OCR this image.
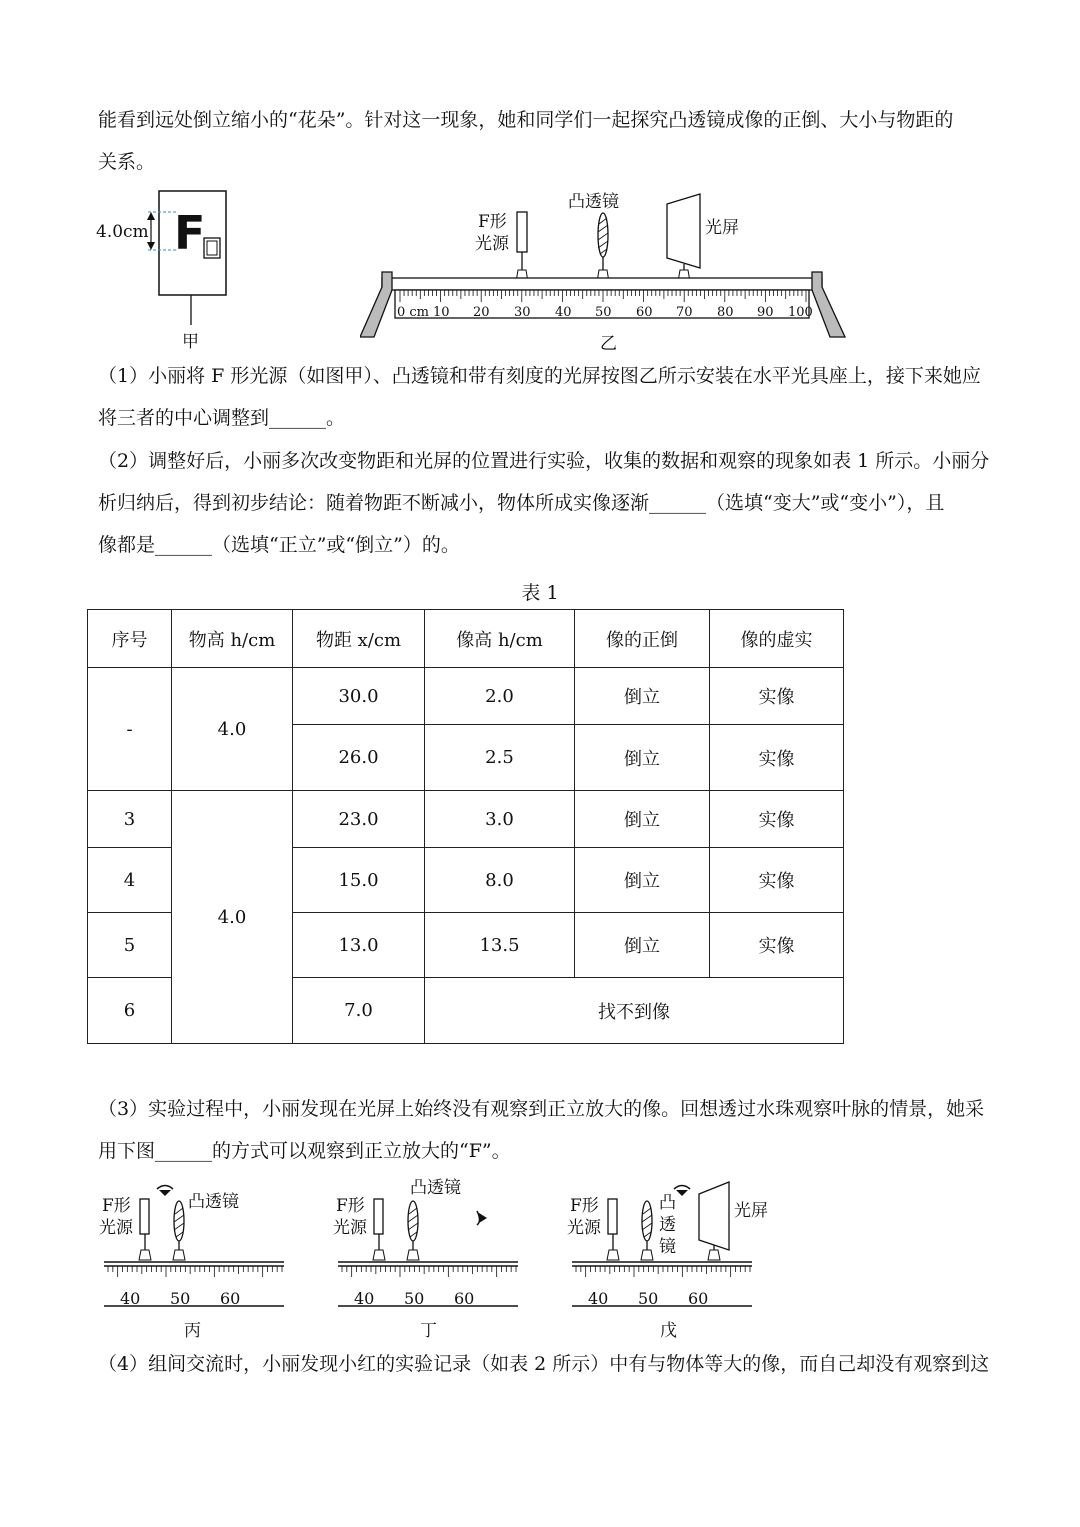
能看到远处倒立缩小的“花朵”。针对这一现象，她和同学们一起探究凸透镜成像的正倒、大小与物距的
关系。
4.0cm F
甲
F形
光源
凸透镜
光屏
0 cm 10 20 30 40 50 60 70 80 90 100
乙
（1）小丽将 F 形光源（如图甲）、凸透镜和带有刻度的光屏按图乙所示安装在水平光具座上，接下来她应
将三者的中心调整到______。
（2）调整好后，小丽多次改变物距和光屏的位置进行实验，收集的数据和观察的现象如表 1 所示。小丽分
析归纳后，得到初步结论：随着物距不断减小，物体所成实像逐渐______（选填“变大”或“变小”），且
像都是______（选填“正立”或“倒立”）的。
表 1
序号	物高 h/cm	物距 x/cm	像高 h/cm	像的正倒	像的虚实
-	4.0	30.0	2.0	倒立	实像
		26.0	2.5	倒立	实像
3	4.0	23.0	3.0	倒立	实像
4		15.0	8.0	倒立	实像
5		13.0	13.5	倒立	实像
6		7.0	找不到像		
（3）实验过程中，小丽发现在光屏上始终没有观察到正立放大的像。回想透过水珠观察叶脉的情景，她采
用下图______的方式可以观察到正立放大的“F”。
F形
光源
凸透镜
40 50 60
丙
F形
光源
凸透镜
40 50 60
丁
F形
光源
凸
透
镜
光屏
40 50 60
戊
（4）组间交流时，小丽发现小红的实验记录（如表 2 所示）中有与物体等大的像，而自己却没有观察到这
